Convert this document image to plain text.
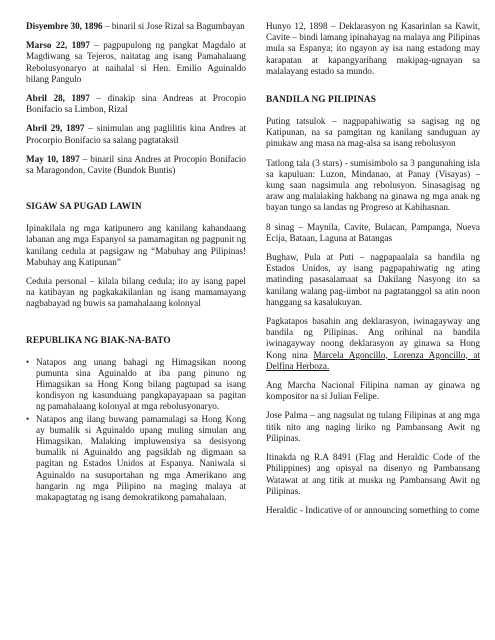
Disyembre 30, 1896 – binaril si Jose Rizal sa Bagumbayan

Marso 22, 1897 – pagpupulong ng pangkat Magdalo at Magdiwang sa Tejeros, naitatag ang isang Pamahalaang Rebolusyonaryo at naihalal si Hen. Emilio Aguinaldo bilang Pangulo

Abril 28, 1897 – dinakip sina Andreas at Procopio Bonifacio sa Limbon, Rizal

Abril 29, 1897 – sinimulan ang paglilitis kina Andres at Procorpio Bonifacio sa salang pagtataksil

May 10, 1897 – binaril sina Andres at Procopio Bonifacio sa Maragondon, Cavite (Bundok Buntis)

SIGAW SA PUGAD LAWIN

Ipinakilala ng mga katipunero ang kanilang kahandaang labanan ang mga Espanyol sa pamamagitan ng pagpunit ng kanilang cedula at pagsigaw ng “Mabuhay ang Pilipinas! Mabuhay ang Katipunan”

Cedula personal – kilala bilang cedula; ito ay isang papel na katibayan ng pagkakakilanlan ng isang mamamayang nagbabayad ng buwis sa pamahalaang kolonyal

REPUBLIKA NG BIAK-NA-BATO
• Natapos ang unang bahagi ng Himagsikan noong pumunta sina Aguinaldo at iba pang pinuno ng Himagsikan sa Hong Kong bilang pagtupad sa isang kondisyon ng kasunduang pangkapayapaan sa pagitan ng pamahalaang kolonyal at mga rebolusyonaryo.
• Natapos ang ilang buwang pamamalagi sa Hong Kong ay bumalik si Aguinaldo upang muling simulan ang Himagsikan. Malaking impluwensiya sa desisyong bumalik ni Aguinaldo ang pagsiklab ng digmaan sa pagitan ng Estados Unidos at Espanya. Naniwala si Aguinaldo na susuportahan ng mga Amerikano ang hangarin ng mga Pilipino na maging malaya at makapagtatag ng isang demokratikong pamahalaan.

Hunyo 12, 1898 – Deklarasyon ng Kasarinlan sa Kawit, Cavite – bindi lamang ipinahayag na malaya ang Pilipinas mula sa Espanya; ito ngayon ay isa nang estadong may karapatan at kapangyarihang makipag-ugnayan sa malalayang estado sa mundo.

BANDILA NG PILIPINAS

Puting tatsulok – nagpapahiwatig sa sagisag ng ng Katipunan, na sa pamgitan ng kanilang sanduguan ay pinukaw ang masa na mag-alsa sa isang rebolusyon

Tatlong tala (3 stars) - sumisimbolo sa 3 pangunahing isla sa kapuluan: Luzon, Mindanao, at Panay (Visayas) – kung saan nagsimula ang rebolusyon. Sinasagisag ng araw ang malalaking hakbang na ginawa ng mga anak ng bayan tungo sa landas ng Progreso at Kabihasnan.

8 sinag – Maynila, Cavite, Bulacan, Pampanga, Nueva Ecija, Bataan, Laguna at Batangas

Bughaw, Pula at Puti – nagpapaalala sa bandila ng Estados Unidos, ay isang pagpapahiwatig ng ating matinding pasasalamaat sa Dakilang Nasyong ito sa kanilang walang pag-iimbot na pagtatanggol sa atin noon hanggang sa kasalukuyan.

Pagkatapos basahin ang deklarasyon, iwinagayway ang bandila ng Pilipinas. Ang orihinal na bandila iwinagayway noong deklarasyon ay ginawa sa Hong Kong nina Marcela Agoncillo, Lorenza Agoncillo, at Delfina Herboza.

Ang Marcha Nacional Filipina naman ay ginawa ng kompositor na si Julian Felipe.

Jose Palma – ang nagsulat ng tulang Filipinas at ang mga titik nito ang naging liriko ng Pambansang Awit ng Pilipinas.

Itinakda ng R.A 8491 (Flag and Heraldic Code of the Philippines) ang opisyal na disenyo ng Pambansang Watawat at ang titik at muska ng Pambansang Awit ng Pilipinas.

Heraldic - Indicative of or announcing something to come
